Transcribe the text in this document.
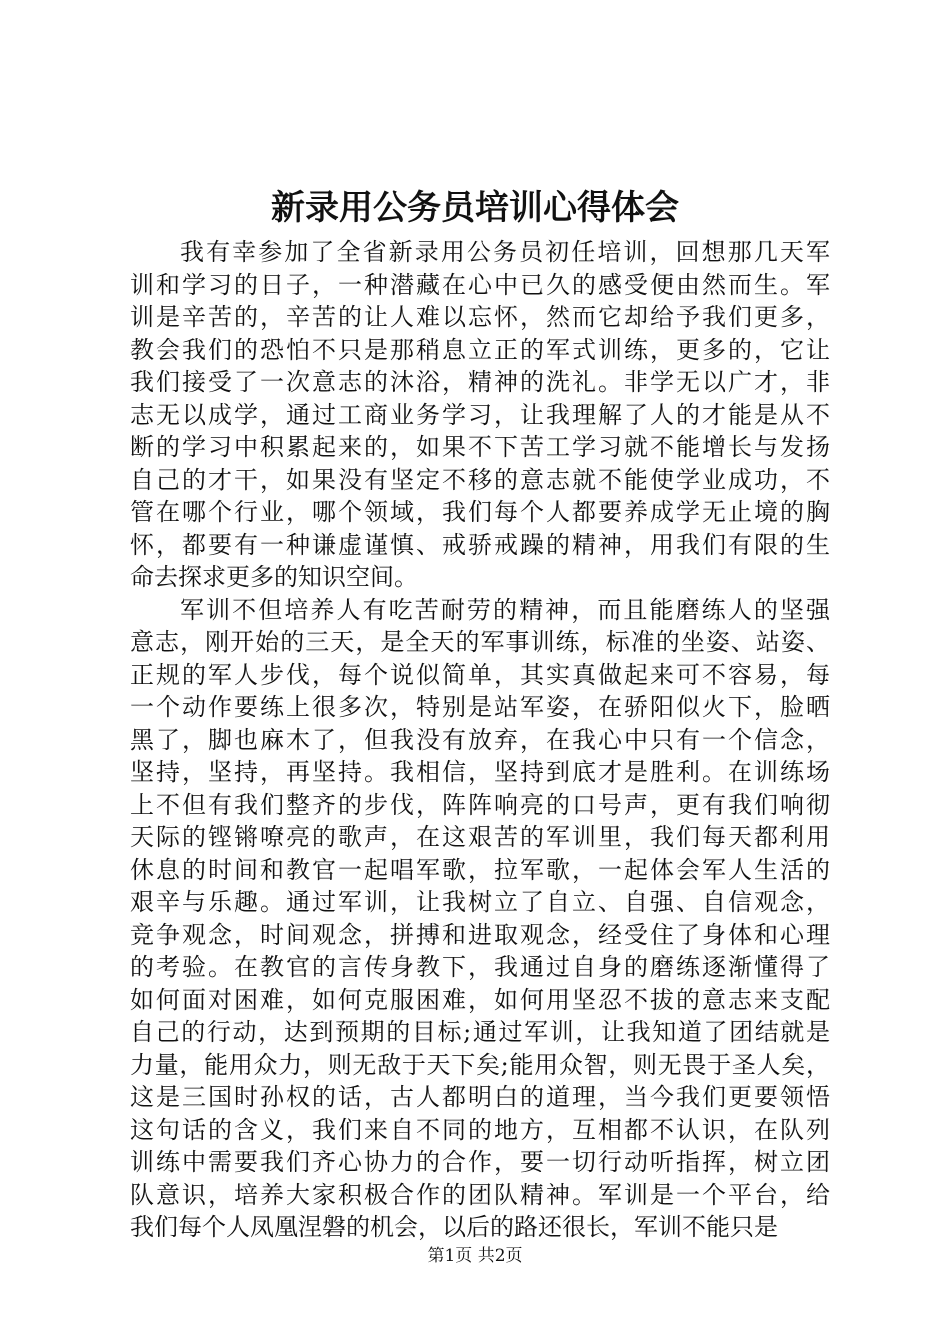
新录用公务员培训心得体会
我有幸参加了全省新录用公务员初任培训，回想那几天军
训和学习的日子，一种潜藏在心中已久的感受便由然而生。军
训是辛苦的，辛苦的让人难以忘怀，然而它却给予我们更多，
教会我们的恐怕不只是那稍息立正的军式训练，更多的，它让
我们接受了一次意志的沐浴，精神的洗礼。非学无以广才，非
志无以成学，通过工商业务学习，让我理解了人的才能是从不
断的学习中积累起来的，如果不下苦工学习就不能增长与发扬
自己的才干，如果没有坚定不移的意志就不能使学业成功，不
管在哪个行业，哪个领域，我们每个人都要养成学无止境的胸
怀，都要有一种谦虚谨慎、戒骄戒躁的精神，用我们有限的生
命去探求更多的知识空间。
军训不但培养人有吃苦耐劳的精神，而且能磨练人的坚强
意志，刚开始的三天，是全天的军事训练，标准的坐姿、站姿、
正规的军人步伐，每个说似简单，其实真做起来可不容易，每
一个动作要练上很多次，特别是站军姿，在骄阳似火下，脸晒
黑了，脚也麻木了，但我没有放弃，在我心中只有一个信念，
坚持，坚持，再坚持。我相信，坚持到底才是胜利。在训练场
上不但有我们整齐的步伐，阵阵响亮的口号声，更有我们响彻
天际的铿锵嘹亮的歌声，在这艰苦的军训里，我们每天都利用
休息的时间和教官一起唱军歌，拉军歌，一起体会军人生活的
艰辛与乐趣。通过军训，让我树立了自立、自强、自信观念，
竞争观念，时间观念，拼搏和进取观念，经受住了身体和心理
的考验。在教官的言传身教下，我通过自身的磨练逐渐懂得了
如何面对困难，如何克服困难，如何用坚忍不拔的意志来支配
自己的行动，达到预期的目标;通过军训，让我知道了团结就是
力量，能用众力，则无敌于天下矣;能用众智，则无畏于圣人矣，
这是三国时孙权的话，古人都明白的道理，当今我们更要领悟
这句话的含义，我们来自不同的地方，互相都不认识，在队列
训练中需要我们齐心协力的合作，要一切行动听指挥，树立团
队意识，培养大家积极合作的团队精神。军训是一个平台，给
我们每个人凤凰涅磐的机会，以后的路还很长，军训不能只是
第1页 共2页
